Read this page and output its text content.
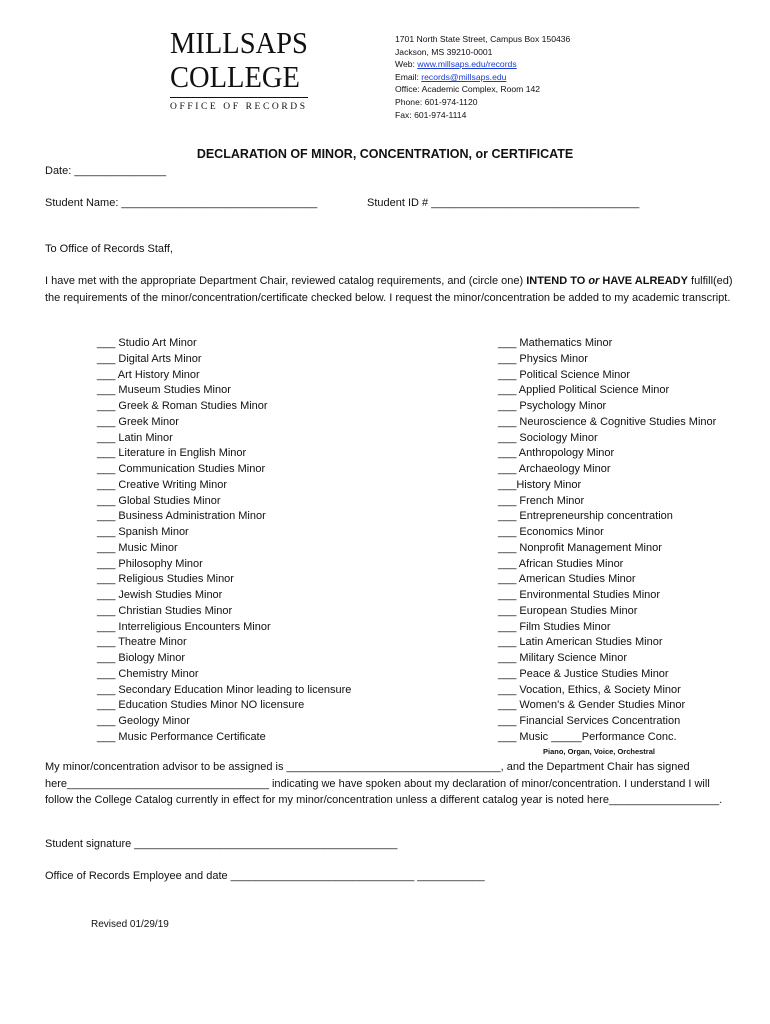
MILLSAPS
COLLEGE
OFFICE OF RECORDS
1701 North State Street, Campus Box 150436
Jackson, MS 39210-0001
Web: www.millsaps.edu/records
Email: records@millsaps.edu
Office: Academic Complex, Room 142
Phone: 601-974-1120
Fax: 601-974-1114
DECLARATION OF MINOR, CONCENTRATION, or CERTIFICATE
Date: _______________
Student Name: ________________________________	Student ID # __________________________________
To Office of Records Staff,
I have met with the appropriate Department Chair, reviewed catalog requirements, and (circle one) INTEND TO or HAVE ALREADY fulfill(ed) the requirements of the minor/concentration/certificate checked below. I request the minor/concentration be added to my academic transcript.
___ Studio Art Minor
___ Digital Arts Minor
___ Art History Minor
___ Museum Studies Minor
___ Greek & Roman Studies Minor
___ Greek Minor
___ Latin Minor
___ Literature in English Minor
___ Communication Studies Minor
___ Creative Writing Minor
___ Global Studies Minor
___ Business Administration Minor
___ Spanish Minor
___ Music Minor
___ Philosophy Minor
___ Religious Studies Minor
___ Jewish Studies Minor
___ Christian Studies Minor
___ Interreligious Encounters Minor
___ Theatre Minor
___ Biology Minor
___ Chemistry Minor
___ Secondary Education Minor leading to licensure
___ Education Studies Minor NO licensure
___ Geology Minor
___ Music Performance Certificate
___ Mathematics Minor
___ Physics Minor
___ Political Science Minor
___ Applied Political Science Minor
___ Psychology Minor
___ Neuroscience & Cognitive Studies Minor
___ Sociology Minor
___ Anthropology Minor
___ Archaeology Minor
___History Minor
___ French Minor
___ Entrepreneurship concentration
___ Economics Minor
___ Nonprofit Management Minor
___ African Studies Minor
___ American Studies Minor
___ Environmental Studies Minor
___ European Studies Minor
___ Film Studies Minor
___ Latin American Studies Minor
___ Military Science Minor
___ Peace & Justice Studies Minor
___ Vocation, Ethics, & Society Minor
___ Women's & Gender Studies Minor
___ Financial Services Concentration
___ Music _____Performance Conc.
Piano, Organ, Voice, Orchestral
My minor/concentration advisor to be assigned is ___________________________________, and the Department Chair has signed here_________________________________ indicating we have spoken about my declaration of minor/concentration. I understand I will follow the College Catalog currently in effect for my minor/concentration unless a different catalog year is noted here__________________.
Student signature ___________________________________________
Office of Records Employee and date ______________________________ ___________
Revised 01/29/19
